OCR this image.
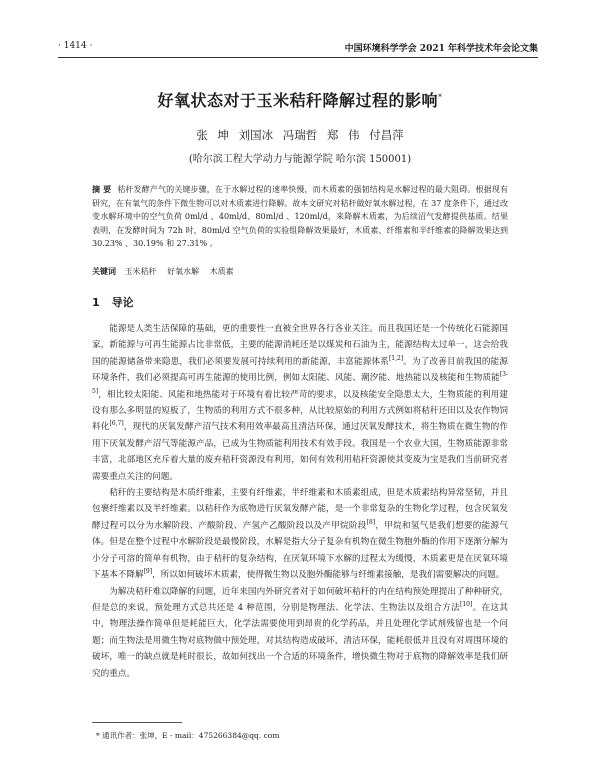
· 1414 ·	中国环境科学学会 2021 年科学技术年会论文集
好氧状态对于玉米秸秆降解过程的影响*
张 坤 刘国冰 冯瑞哲 郑 伟 付昌萍
(哈尔滨工程大学动力与能源学院 哈尔滨 150001)
摘 要 秸秆发酵产气的关键步骤，在于水解过程的速率快慢，而木质素的强韧结构是水解过程的最大阻碍。根据现有研究，在有氧气的条件下微生物可以对木质素进行降解。故本文研究对秸秆做好氧水解过程，在 37 度条件下，通过改变水解环境中的空气负荷 0ml/d 、40ml/d、80ml/d 、120ml/d，来降解木质素，为后续沼气发酵提供基质。结果表明，在发酵时间为 72h 时，80ml/d 空气负荷的实验组降解效果最好，木质素、纤维素和半纤维素的降解效果达到 30.23% 、30.19% 和 27.31% 。
关键词 玉米秸秆 好氧水解 木质素
1 导论

能源是人类生活保障的基础，更的重要性一直被全世界各行各业关注。而且我国还是一个传统化石能源国家，新能源与可再生能源占比非常低，主要的能源消耗还是以煤炭和石油为主，能源结构太过单一，这会给我国的能源储备带来隐患，我们必须要发展可持续利用的新能源，丰富能源体系[1,2]。为了改善目前我国的能源环境条件，我们必须提高可再生能源的使用比例，例如太阳能、风能、潮汐能、地热能以及核能和生物质能[3-5]，相比较太阳能、风能和地热能对于环境有着比较严苛的要求，以及核能安全隐患太大，生物质能的利用建设有那么多明显的短板了，生物质的利用方式不很多种，从比较原始的利用方式例如将秸秆还田以及农作物饲料化[6,7]，现代的厌氧发酵产沼气技术利用效率最高且清洁环保，通过厌氧发酵技术，将生物质在微生物的作用下厌氧发酵产沼气等能源产品，已成为生物质能利用技术有效手段。我国是一个农业大国，生物质能源非常丰富，北部地区充斥着大量的废弃秸秆资源没有利用，如何有效利用秸秆资源使其变废为宝是我们当前研究者需要重点关注的问题。

秸秆的主要结构是木质纤维素，主要有纤维素，半纤维素和木质素组成，但是木质素结构异常坚韧，并且包裹纤维素以及半纤维素。以秸秆作为底物进行厌氧发酵产能，是一个非常复杂的生物化学过程，包含厌氧发酵过程可以分为水解阶段、产酸阶段、产氢产乙酸阶段以及产甲烷阶段[8]，甲烷和氢气是我们想要的能源气体。但是在整个过程中水解阶段是最慢阶段，水解是指大分子复杂有机物在微生物胞外酶的作用下逐渐分解为小分子可溶的简单有机物，由于秸秆的复杂结构，在厌氧环境下水解的过程太为缓慢，木质素更是在厌氧环境下基本不降解[9]，所以如何破坏木质素，使得微生物以及胞外酶能够与纤维素接触，是我们需要解决的问题。

为解决秸秆难以降解的问题，近年来国内外研究者对于如何破坏秸秆的内在结构预处理提出了种种研究，但是总的来说，预处理方式总共还是 4 种范围，分别是物理法、化学法、生物法以及组合方法[10]。在这其中，物理法操作简单但是耗能巨大，化学法需要使用到昂贵的化学药品，并且处理化学试剂残留也是一个问题；而生物法是用微生物对底物做中预处理，对其结构造成破坏，清洁环保，能耗很低并且没有对周围环境的破坏，唯一的缺点就是耗时很长，故如何找出一个合适的环境条件，增快微生物对于底物的降解效率是我们研究的重点。

* 通讯作者：张坤，E - mail：475266384@qq. com
